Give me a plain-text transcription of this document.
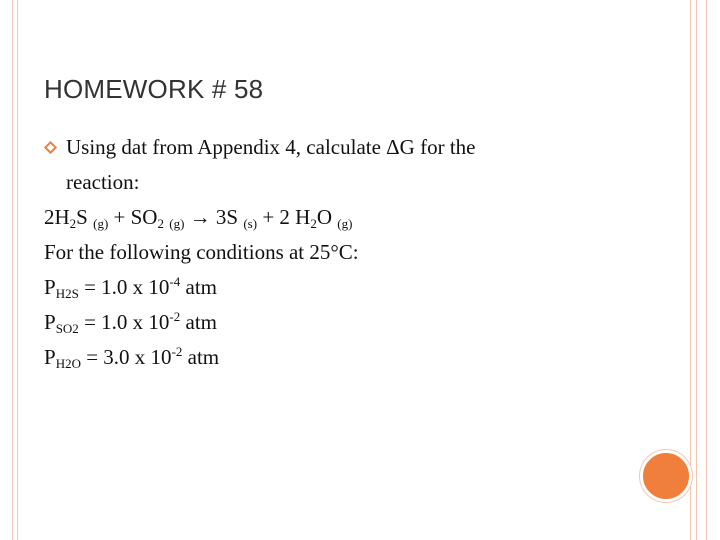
HOMEWORK # 58
Using dat from Appendix 4, calculate ΔG for the
reaction:
$2H_2S$ $(g) + SO_2$ (g) → 3S (s) + 2 $H_2O$ (g)
For the following conditions at 25°C:
$P_{H2S} = 1.0$ x $10^{-4}$ atm
$P_{SO2} = 1.0$ x $10^{-2}$ atm
$P_{H2O} = 3.0$ x $10^{-2}$ atm
